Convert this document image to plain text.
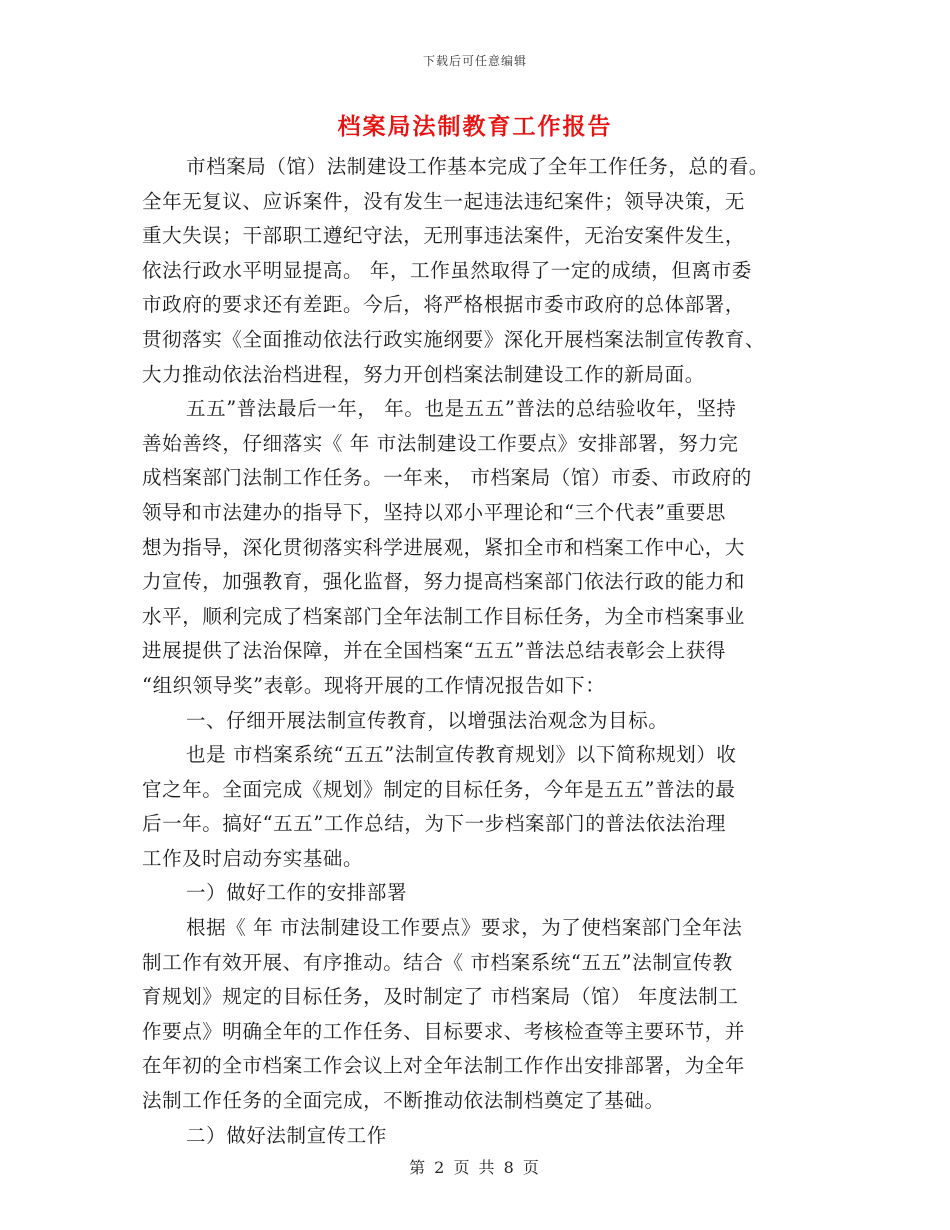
下载后可任意编辑
档案局法制教育工作报告
市档案局（馆）法制建设工作基本完成了全年工作任务，总的看。
全年无复议、应诉案件，没有发生一起违法违纪案件；领导决策，无
重大失误；干部职工遵纪守法，无刑事违法案件，无治安案件发生，
依法行政水平明显提高。 年，工作虽然取得了一定的成绩，但离市委
市政府的要求还有差距。今后，将严格根据市委市政府的总体部署，
贯彻落实《全面推动依法行政实施纲要》深化开展档案法制宣传教育、
大力推动依法治档进程，努力开创档案法制建设工作的新局面。
五五”普法最后一年， 年。也是五五”普法的总结验收年，坚持
善始善终，仔细落实《 年 市法制建设工作要点》安排部署，努力完
成档案部门法制工作任务。一年来， 市档案局（馆）市委、市政府的
领导和市法建办的指导下，坚持以邓小平理论和“三个代表”重要思
想为指导，深化贯彻落实科学进展观，紧扣全市和档案工作中心，大
力宣传，加强教育，强化监督，努力提高档案部门依法行政的能力和
水平，顺利完成了档案部门全年法制工作目标任务，为全市档案事业
进展提供了法治保障，并在全国档案“五五”普法总结表彰会上获得
“组织领导奖”表彰。现将开展的工作情况报告如下：
一、仔细开展法制宣传教育，以增强法治观念为目标。
也是 市档案系统“五五”法制宣传教育规划》以下简称规划）收
官之年。全面完成《规划》制定的目标任务，今年是五五”普法的最
后一年。搞好“五五”工作总结，为下一步档案部门的普法依法治理
工作及时启动夯实基础。
一）做好工作的安排部署
根据《 年 市法制建设工作要点》要求，为了使档案部门全年法
制工作有效开展、有序推动。结合《 市档案系统“五五”法制宣传教
育规划》规定的目标任务，及时制定了 市档案局（馆） 年度法制工
作要点》明确全年的工作任务、目标要求、考核检查等主要环节，并
在年初的全市档案工作会议上对全年法制工作作出安排部署，为全年
法制工作任务的全面完成，不断推动依法制档奠定了基础。
二）做好法制宣传工作
第 2 页 共 8 页
